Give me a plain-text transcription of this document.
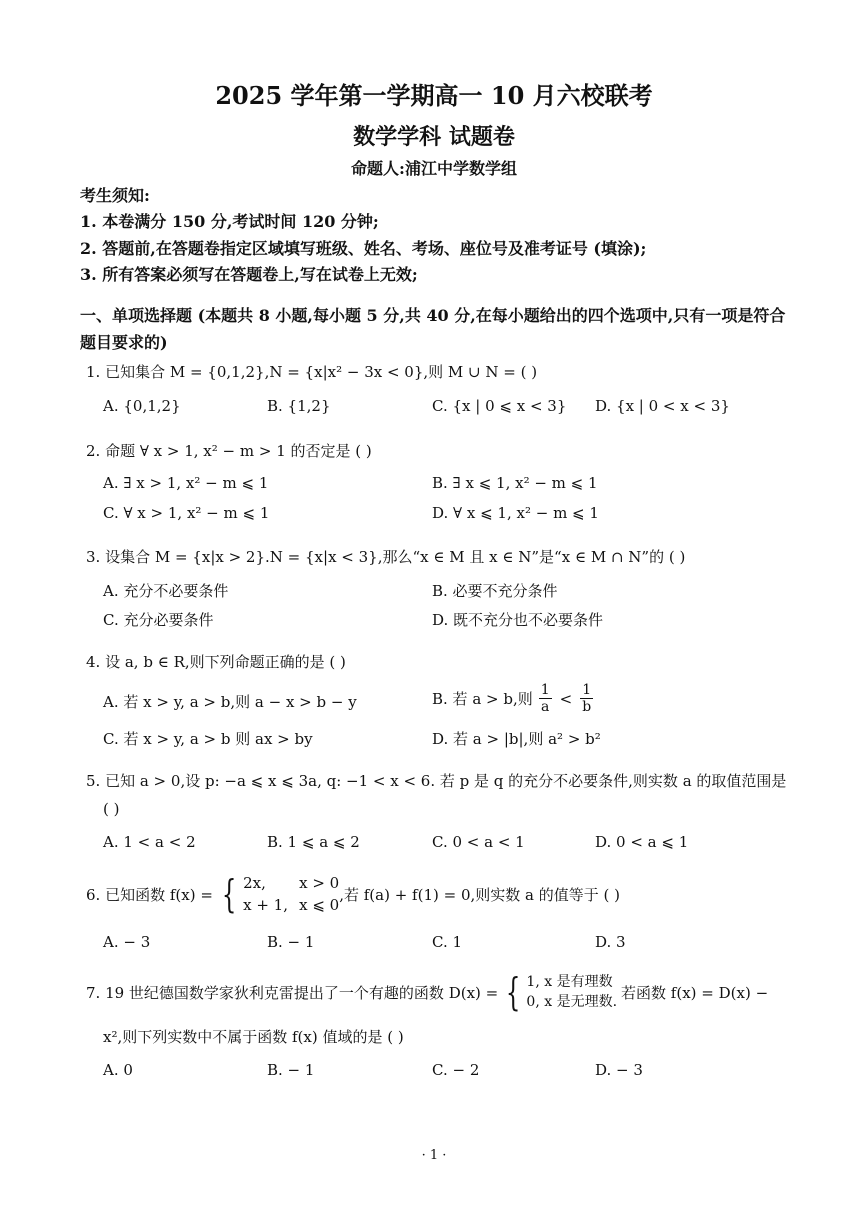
2025 学年第一学期高一 10 月六校联考
数学学科 试题卷
命题人:浦江中学数学组
考生须知:
1. 本卷满分 150 分,考试时间 120 分钟;
2. 答题前,在答题卷指定区域填写班级、姓名、考场、座位号及准考证号 (填涂);
3. 所有答案必须写在答题卷上,写在试卷上无效;
一、单项选择题 (本题共 8 小题,每小题 5 分,共 40 分,在每小题给出的四个选项中,只有一项是符合题目要求的)
1. 已知集合 M = {0,1,2},N = {x|x² − 3x < 0},则 M ∪ N = ( )
A. {0,1,2}	B. {1,2}	C. {x | 0 ⩽ x < 3} D. {x | 0 < x < 3}
2. 命题 ∀ x > 1, x² − m > 1 的否定是 ( )
A. ∃ x > 1, x² − m ⩽ 1	B. ∃ x ⩽ 1, x² − m ⩽ 1
C. ∀ x > 1, x² − m ⩽ 1	D. ∀ x ⩽ 1, x² − m ⩽ 1
3. 设集合 M = {x|x > 2}.N = {x|x < 3},那么“x ∈ M 且 x ∈ N”是“x ∈ M ∩ N”的 ( )
A. 充分不必要条件	B. 必要不充分条件
C. 充分必要条件	D. 既不充分也不必要条件
4. 设 a, b ∈ R,则下列命题正确的是 ( )
A. 若 x > y, a > b,则 a − x > b − y	B. 若 a > b,则 $\frac{1}{a} < \frac{1}{b}$
C. 若 x > y, a > b 则 ax > by	D. 若 a > |b|,则 a² > b²
5. 已知 a > 0,设 p: −a ⩽ x ⩽ 3a, q: −1 < x < 6. 若 p 是 q 的充分不必要条件,则实数 a 的取值范围是
( )
A. 1 < a < 2	B. 1 ⩽ a ⩽ 2	C. 0 < a < 1	D. 0 < a ⩽ 1
6. 已知函数 f(x) = { 2x, x > 0
x + 1, x ⩽ 0
,若 f(a) + f(1) = 0,则实数 a 的值等于 ( )
A. − 3	B. − 1	C. 1	D. 3
7. 19 世纪德国数学家狄利克雷提出了一个有趣的函数 D(x) = { 1, x 是有理数
0, x 是无理数.
若函数 f(x) = D(x) −
x²,则下列实数中不属于函数 f(x) 值域的是 ( )
A. 0	B. − 1	C. − 2	D. − 3
· 1 ·
